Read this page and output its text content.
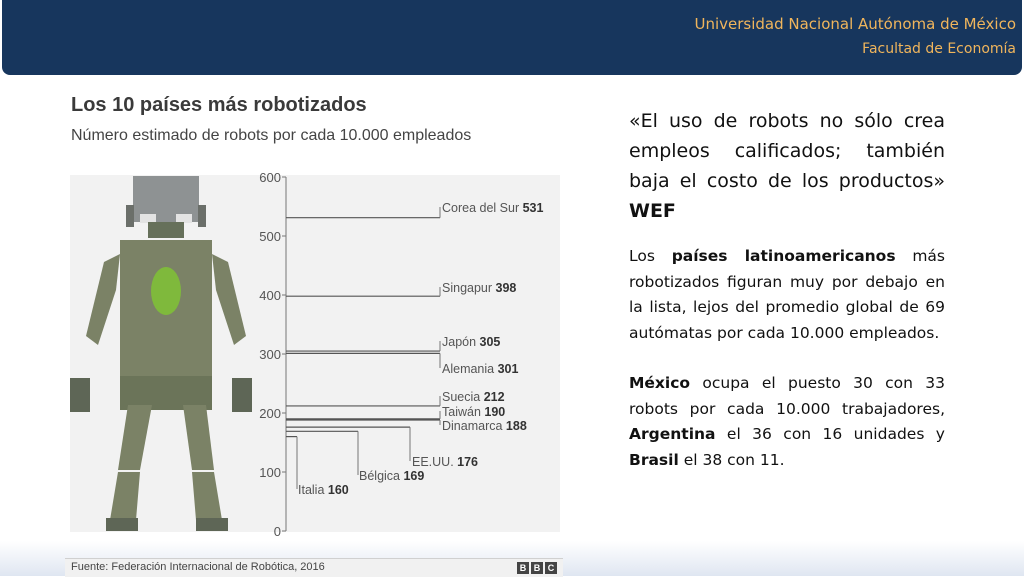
Universidad Nacional Autónoma de México
Facultad de Economía
Los 10 países más robotizados
Número estimado de robots por cada 10.000 empleados
0
100
200
300
400
500
600
Corea del Sur 531
Singapur 398
Japón 305
Alemania 301
Suecia 212
Taiwán 190
Dinamarca 188
EE.UU. 176
Bélgica 169
Italia 160
Fuente: Federación Internacional de Robótica, 2016	B B C

«El uso de robots no sólo crea empleos calificados; también baja el costo de los productos» WEF

Los países latinoamericanos más robotizados figuran muy por debajo en la lista, lejos del promedio global de 69 autómatas por cada 10.000 empleados.

México ocupa el puesto 30 con 33 robots por cada 10.000 trabajadores, Argentina el 36 con 16 unidades y Brasil el 38 con 11.
